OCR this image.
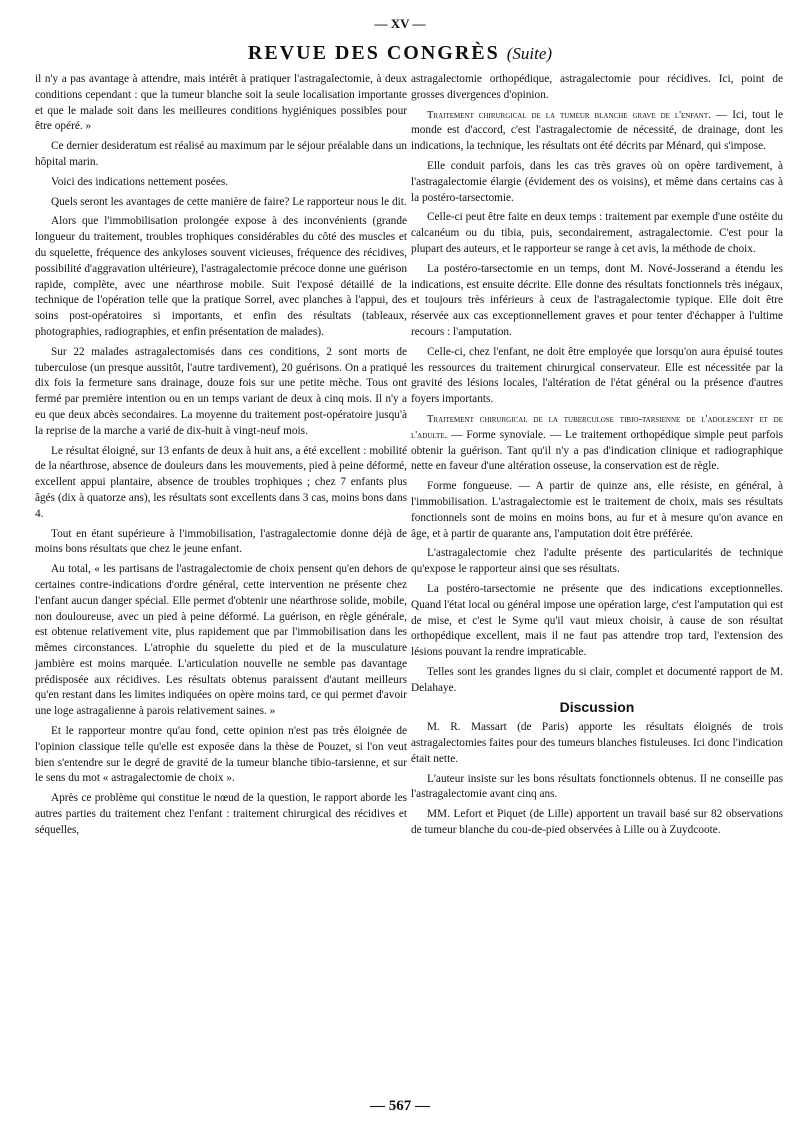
— XV —
REVUE DES CONGRÈS (Suite)

il n'y a pas avantage à attendre, mais intérêt à pratiquer l'astragalectomie, à deux conditions cependant : que la tumeur blanche soit la seule localisation importante et que le malade soit dans les meilleures conditions hygiéniques possibles pour être opéré. »

Ce dernier desideratum est réalisé au maximum par le séjour préalable dans un hôpital marin.

Voici des indications nettement posées.

Quels seront les avantages de cette manière de faire? Le rapporteur nous le dit.

Alors que l'immobilisation prolongée expose à des inconvénients (grande longueur du traitement, troubles trophiques considérables du côté des muscles et du squelette, fréquence des ankyloses souvent vicieuses, fréquence des récidives, possibilité d'aggravation ultérieure), l'astragalectomie précoce donne une guérison rapide, complète, avec une néarthrose mobile. Suit l'exposé détaillé de la technique de l'opération telle que la pratique Sorrel, avec planches à l'appui, des soins post-opératoires si importants, et enfin des résultats (tableaux, photographies, radiographies, et enfin présentation de malades).

Sur 22 malades astragalectomisés dans ces conditions, 2 sont morts de tuberculose (un presque aussitôt, l'autre tardivement), 20 guérisons. On a pratiqué dix fois la fermeture sans drainage, douze fois sur une petite mèche. Tous ont fermé par première intention ou en un temps variant de deux à cinq mois. Il n'y a eu que deux abcès secondaires. La moyenne du traitement post-opératoire jusqu'à la reprise de la marche a varié de dix-huit à vingt-neuf mois.

Le résultat éloigné, sur 13 enfants de deux à huit ans, a été excellent : mobilité de la néarthrose, absence de douleurs dans les mouvements, pied à peine déformé, excellent appui plantaire, absence de troubles trophiques ; chez 7 enfants plus âgés (dix à quatorze ans), les résultats sont excellents dans 3 cas, moins bons dans 4.

Tout en étant supérieure à l'immobilisation, l'astragalectomie donne déjà de moins bons résultats que chez le jeune enfant.

Au total, « les partisans de l'astragalectomie de choix pensent qu'en dehors de certaines contre-indications d'ordre général, cette intervention ne présente chez l'enfant aucun danger spécial. Elle permet d'obtenir une néarthrose solide, mobile, non douloureuse, avec un pied à peine déformé. La guérison, en règle générale, est obtenue relativement vite, plus rapidement que par l'immobilisation dans les mêmes circonstances. L'atrophie du squelette du pied et de la musculature jambière est moins marquée. L'articulation nouvelle ne semble pas davantage prédisposée aux récidives. Les résultats obtenus paraissent d'autant meilleurs qu'en restant dans les limites indiquées on opère moins tard, ce qui permet d'avoir une loge astragalienne à parois relativement saines. »

Et le rapporteur montre qu'au fond, cette opinion n'est pas très éloignée de l'opinion classique telle qu'elle est exposée dans la thèse de Pouzet, si l'on veut bien s'entendre sur le degré de gravité de la tumeur blanche tibio-tarsienne, et sur le sens du mot « astragalectomie de choix ».

Après ce problème qui constitue le nœud de la question, le rapport aborde les autres parties du traitement chez l'enfant : traitement chirurgical des récidives et séquelles,

astragalectomie orthopédique, astragalectomie pour récidives. Ici, point de grosses divergences d'opinion.

Traitement chirurgical de la tumeur blanche grave de l'enfant. — Ici, tout le monde est d'accord, c'est l'astragalectomie de nécessité, de drainage, dont les indications, la technique, les résultats ont été décrits par Ménard, qui s'impose.

Elle conduit parfois, dans les cas très graves où on opère tardivement, à l'astragalectomie élargie (évidement des os voisins), et même dans certains cas à la postéro-tarsectomie.

Celle-ci peut être faite en deux temps : traitement par exemple d'une ostéite du calcanéum ou du tibia, puis, secondairement, astragalectomie. C'est pour la plupart des auteurs, et le rapporteur se range à cet avis, la méthode de choix.

La postéro-tarsectomie en un temps, dont M. Nové-Josserand a étendu les indications, est ensuite décrite. Elle donne des résultats fonctionnels très inégaux, et toujours très inférieurs à ceux de l'astragalectomie typique. Elle doit être réservée aux cas exceptionnellement graves et pour tenter d'échapper à l'ultime recours : l'amputation.

Celle-ci, chez l'enfant, ne doit être employée que lorsqu'on aura épuisé toutes les ressources du traitement chirurgical conservateur. Elle est nécessitée par la gravité des lésions locales, l'altération de l'état général ou la présence d'autres foyers importants.

Traitement chirurgical de la tuberculose tibio-tarsienne de l'adolescent et de l'adulte. — Forme synoviale. — Le traitement orthopédique simple peut parfois obtenir la guérison. Tant qu'il n'y a pas d'indication clinique et radiographique nette en faveur d'une altération osseuse, la conservation est de règle.

Forme fongueuse. — A partir de quinze ans, elle résiste, en général, à l'immobilisation. L'astragalectomie est le traitement de choix, mais ses résultats fonctionnels sont de moins en moins bons, au fur et à mesure qu'on avance en âge, et à partir de quarante ans, l'amputation doit être préférée.

L'astragalectomie chez l'adulte présente des particularités de technique qu'expose le rapporteur ainsi que ses résultats.

La postéro-tarsectomie ne présente que des indications exceptionnelles. Quand l'état local ou général impose une opération large, c'est l'amputation qui est de mise, et c'est le Syme qu'il vaut mieux choisir, à cause de son résultat orthopédique excellent, mais il ne faut pas attendre trop tard, l'extension des lésions pouvant la rendre impraticable.

Telles sont les grandes lignes du si clair, complet et documenté rapport de M. Delahaye.

Discussion

M. R. Massart (de Paris) apporte les résultats éloignés de trois astragalectomies faites pour des tumeurs blanches fistuleuses. Ici donc l'indication était nette.

L'auteur insiste sur les bons résultats fonctionnels obtenus. Il ne conseille pas l'astragalectomie avant cinq ans.

MM. Lefort et Piquet (de Lille) apportent un travail basé sur 82 observations de tumeur blanche du cou-de-pied observées à Lille ou à Zuydcoote.

— 567 —
